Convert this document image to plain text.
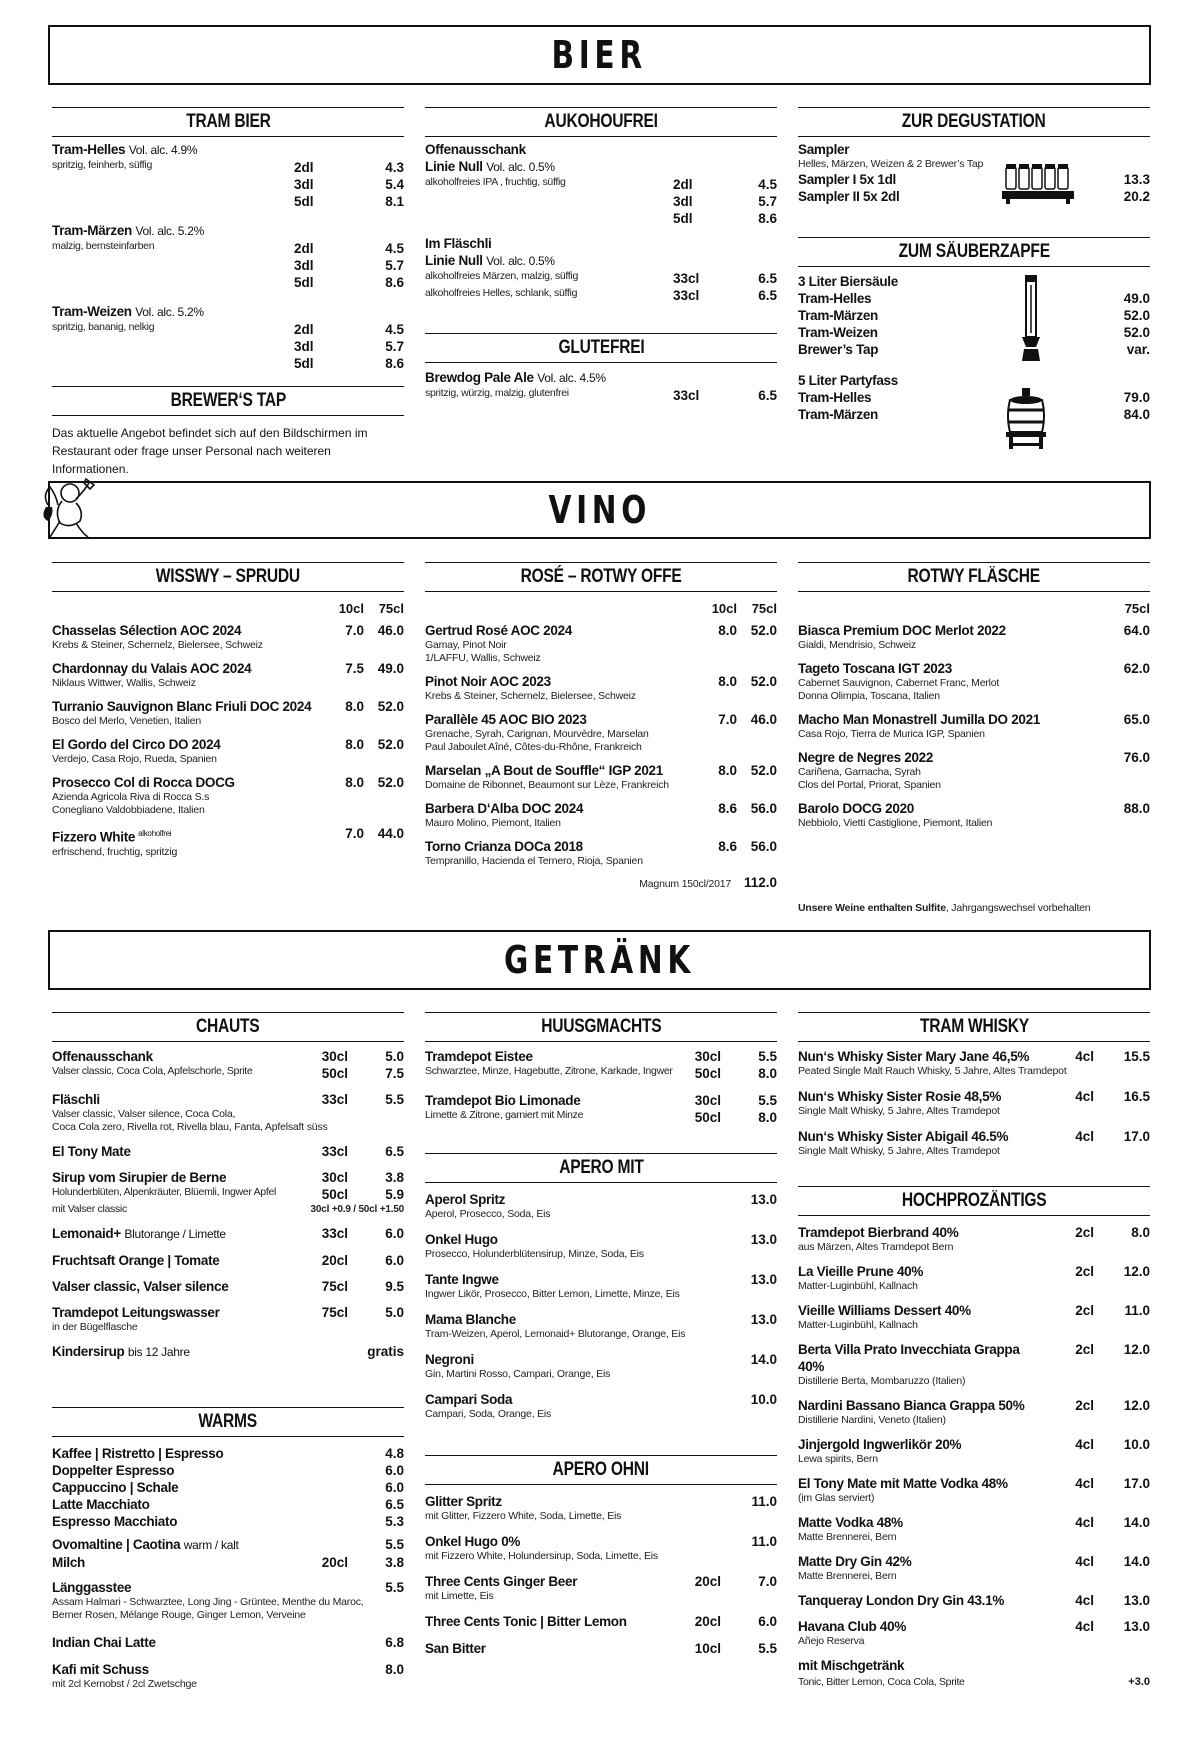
BIER
TRAM BIER
Tram-Helles Vol. alc. 4.9%
spritzig, feinherb, süffig	2dl	4.3
3dl	5.4
5dl	8.1
Tram-Märzen Vol. alc. 5.2%
malzig, bernsteinfarben	2dl	4.5
3dl	5.7
5dl	8.6
Tram-Weizen Vol. alc. 5.2%
spritzig, bananig, nelkig	2dl	4.5
3dl	5.7
5dl	8.6
BREWER‘S TAP

Das aktuelle Angebot befindet sich auf den Bildschirmen im Restaurant oder frage unser Personal nach weiteren Informationen.

AUKOHOUFREI
Offenausschank
Linie Null Vol. alc. 0.5%
alkoholfreies IPA , fruchtig, süffig	2dl	4.5
3dl	5.7
5dl	8.6
Im Fläschli
Linie Null Vol. alc. 0.5%
alkoholfreies Märzen, malzig, süffig	33cl	6.5
alkoholfreies Helles, schlank, süffig	33cl	6.5
GLUTEFREI
Brewdog Pale Ale Vol. alc. 4.5%
spritzig, würzig, malzig, glutenfrei	33cl	6.5
ZUR DEGUSTATION
Sampler
Helles, Märzen, Weizen & 2 Brewer’s Tap
Sampler I 5x 1dl	13.3
Sampler II 5x 2dl	20.2
ZUM SÄUBERZAPFE
3 Liter Biersäule
Tram-Helles	49.0
Tram-Märzen	52.0
Tram-Weizen	52.0
Brewer’s Tap	var.
5 Liter Partyfass
Tram-Helles	79.0
Tram-Märzen	84.0
VINO
WISSWY – SPRUDU
10cl	75cl
Chasselas Sélection AOC 2024	7.0	46.0
Krebs & Steiner, Schernelz, Bielersee, Schweiz
Chardonnay du Valais AOC 2024	7.5	49.0
Niklaus Wittwer, Wallis, Schweiz
Turranio Sauvignon Blanc Friuli DOC 2024	8.0	52.0
Bosco del Merlo, Venetien, Italien
El Gordo del Circo DO 2024	8.0	52.0
Verdejo, Casa Rojo, Rueda, Spanien
Prosecco Col di Rocca DOCG	8.0	52.0
Azienda Agricola Riva di Rocca S.s
Conegliano Valdobbiadene, Italien
Fizzero White $^{alkoholfrei}$	7.0	44.0
erfrischend, fruchtig, spritzig
ROSÉ – ROTWY OFFE
10cl	75cl
Gertrud Rosé AOC 2024	8.0	52.0
Gamay, Pinot Noir
1/LAFFU, Wallis, Schweiz
Pinot Noir AOC 2023	8.0	52.0
Krebs & Steiner, Schernelz, Bielersee, Schweiz
Parallèle 45 AOC BIO 2023	7.0	46.0
Grenache, Syrah, Carignan, Mourvèdre, Marselan
Paul Jaboulet Aîné, Côtes-du-Rhône, Frankreich
Marselan „A Bout de Souffle“ IGP 2021	8.0	52.0
Domaine de Ribonnet, Beaumont sur Lèze, Frankreich
Barbera D‘Alba DOC 2024	8.6	56.0
Mauro Molino, Piemont, Italien
Torno Crianza DOCa 2018	8.6	56.0
Tempranillo, Hacienda el Ternero, Rioja, Spanien
Magnum 150cl/2017 112.0
ROTWY FLÄSCHE
75cl
Biasca Premium DOC Merlot 2022	64.0
Gialdi, Mendrisio, Schweiz
Tageto Toscana IGT 2023	62.0
Cabernet Sauvignon, Cabernet Franc, Merlot
Donna Olimpia, Toscana, Italien
Macho Man Monastrell Jumilla DO 2021	65.0
Casa Rojo, Tierra de Murica IGP, Spanien
Negre de Negres 2022	76.0
Cariñena, Garnacha, Syrah
Clos del Portal, Priorat, Spanien
Barolo DOCG 2020	88.0
Nebbiolo, Vietti Castiglione, Piemont, Italien
Unsere Weine enthalten Sulfite, Jahrgangswechsel vorbehalten
GETRÄNK
CHAUTS
Offenausschank	30cl	5.0
Valser classic, Coca Cola, Apfelschorle, Sprite	50cl	7.5
Fläschli	33cl	5.5
Valser classic, Valser silence, Coca Cola,
Coca Cola zero, Rivella rot, Rivella blau, Fanta, Apfelsaft süss
El Tony Mate	33cl	6.5
Sirup vom Sirupier de Berne	30cl	3.8
Holunderblüten, Alpenkräuter, Blüemli, Ingwer Apfel	50cl	5.9
mit Valser classic	30cl +0.9 / 50cl +1.50
Lemonaid+ Blutorange / Limette	33cl	6.0
Fruchtsaft Orange | Tomate	20cl	6.0
Valser classic, Valser silence	75cl	9.5
Tramdepot Leitungswasser	75cl	5.0
in der Bügelflasche
Kindersirup bis 12 Jahre	gratis
WARMS
Kaffee | Ristretto | Espresso	4.8
Doppelter Espresso	6.0
Cappuccino | Schale	6.0
Latte Macchiato	6.5
Espresso Macchiato	5.3
Ovomaltine | Caotina warm / kalt	5.5
Milch	20cl	3.8
Länggasstee	5.5
Assam Halmari - Schwarztee, Long Jing - Grüntee, Menthe du Maroc,
Berner Rosen, Mélange Rouge, Ginger Lemon, Verveine
Indian Chai Latte	6.8
Kafi mit Schuss	8.0
mit 2cl Kernobst / 2cl Zwetschge
HUUSGMACHTS
Tramdepot Eistee	30cl	5.5
Schwarztee, Minze, Hagebutte, Zitrone, Karkade, Ingwer	50cl	8.0
Tramdepot Bio Limonade	30cl	5.5
Limette & Zitrone, garniert mit Minze	50cl	8.0
APERO MIT
Aperol Spritz	13.0
Aperol, Prosecco, Soda, Eis
Onkel Hugo	13.0
Prosecco, Holunderblütensirup, Minze, Soda, Eis
Tante Ingwe	13.0
Ingwer Likör, Prosecco, Bitter Lemon, Limette, Minze, Eis
Mama Blanche	13.0
Tram-Weizen, Aperol, Lemonaid+ Blutorange, Orange, Eis
Negroni	14.0
Gin, Martini Rosso, Campari, Orange, Eis
Campari Soda	10.0
Campari, Soda, Orange, Eis
APERO OHNI
Glitter Spritz	11.0
mit Glitter, Fizzero White, Soda, Limette, Eis
Onkel Hugo 0%	11.0
mit Fizzero White, Holundersirup, Soda, Limette, Eis
Three Cents Ginger Beer	20cl	7.0
mit Limette, Eis
Three Cents Tonic | Bitter Lemon	20cl	6.0
San Bitter	10cl	5.5
TRAM WHISKY
Nun‘s Whisky Sister Mary Jane 46,5%	4cl	15.5
Peated Single Malt Rauch Whisky, 5 Jahre, Altes Tramdepot
Nun‘s Whisky Sister Rosie 48,5%	4cl	16.5
Single Malt Whisky, 5 Jahre, Altes Tramdepot
Nun‘s Whisky Sister Abigail 46.5%	4cl	17.0
Single Malt Whisky, 5 Jahre, Altes Tramdepot
HOCHPROZÄNTIGS
Tramdepot Bierbrand 40%	2cl	8.0
aus Märzen, Altes Tramdepot Bern
La Vieille Prune 40%	2cl	12.0
Matter-Luginbühl, Kallnach
Vieille Williams Dessert 40%	2cl	11.0
Matter-Luginbühl, Kallnach
Berta Villa Prato Invecchiata Grappa 40%
2cl	12.0
Distillerie Berta, Mombaruzzo (Italien)
Nardini Bassano Bianca Grappa 50%	2cl	12.0
Distillerie Nardini, Veneto (Italien)
Jinjergold Ingwerlikör 20%	4cl	10.0
Lewa spirits, Bern
El Tony Mate mit Matte Vodka 48%	4cl	17.0
(im Glas serviert)
Matte Vodka 48%	4cl	14.0
Matte Brennerei, Bern
Matte Dry Gin 42%	4cl	14.0
Matte Brennerei, Bern
Tanqueray London Dry Gin 43.1%	4cl	13.0
Havana Club 40%	4cl	13.0
Añejo Reserva
mit Mischgetränk
Tonic, Bitter Lemon, Coca Cola, Sprite	+3.0
